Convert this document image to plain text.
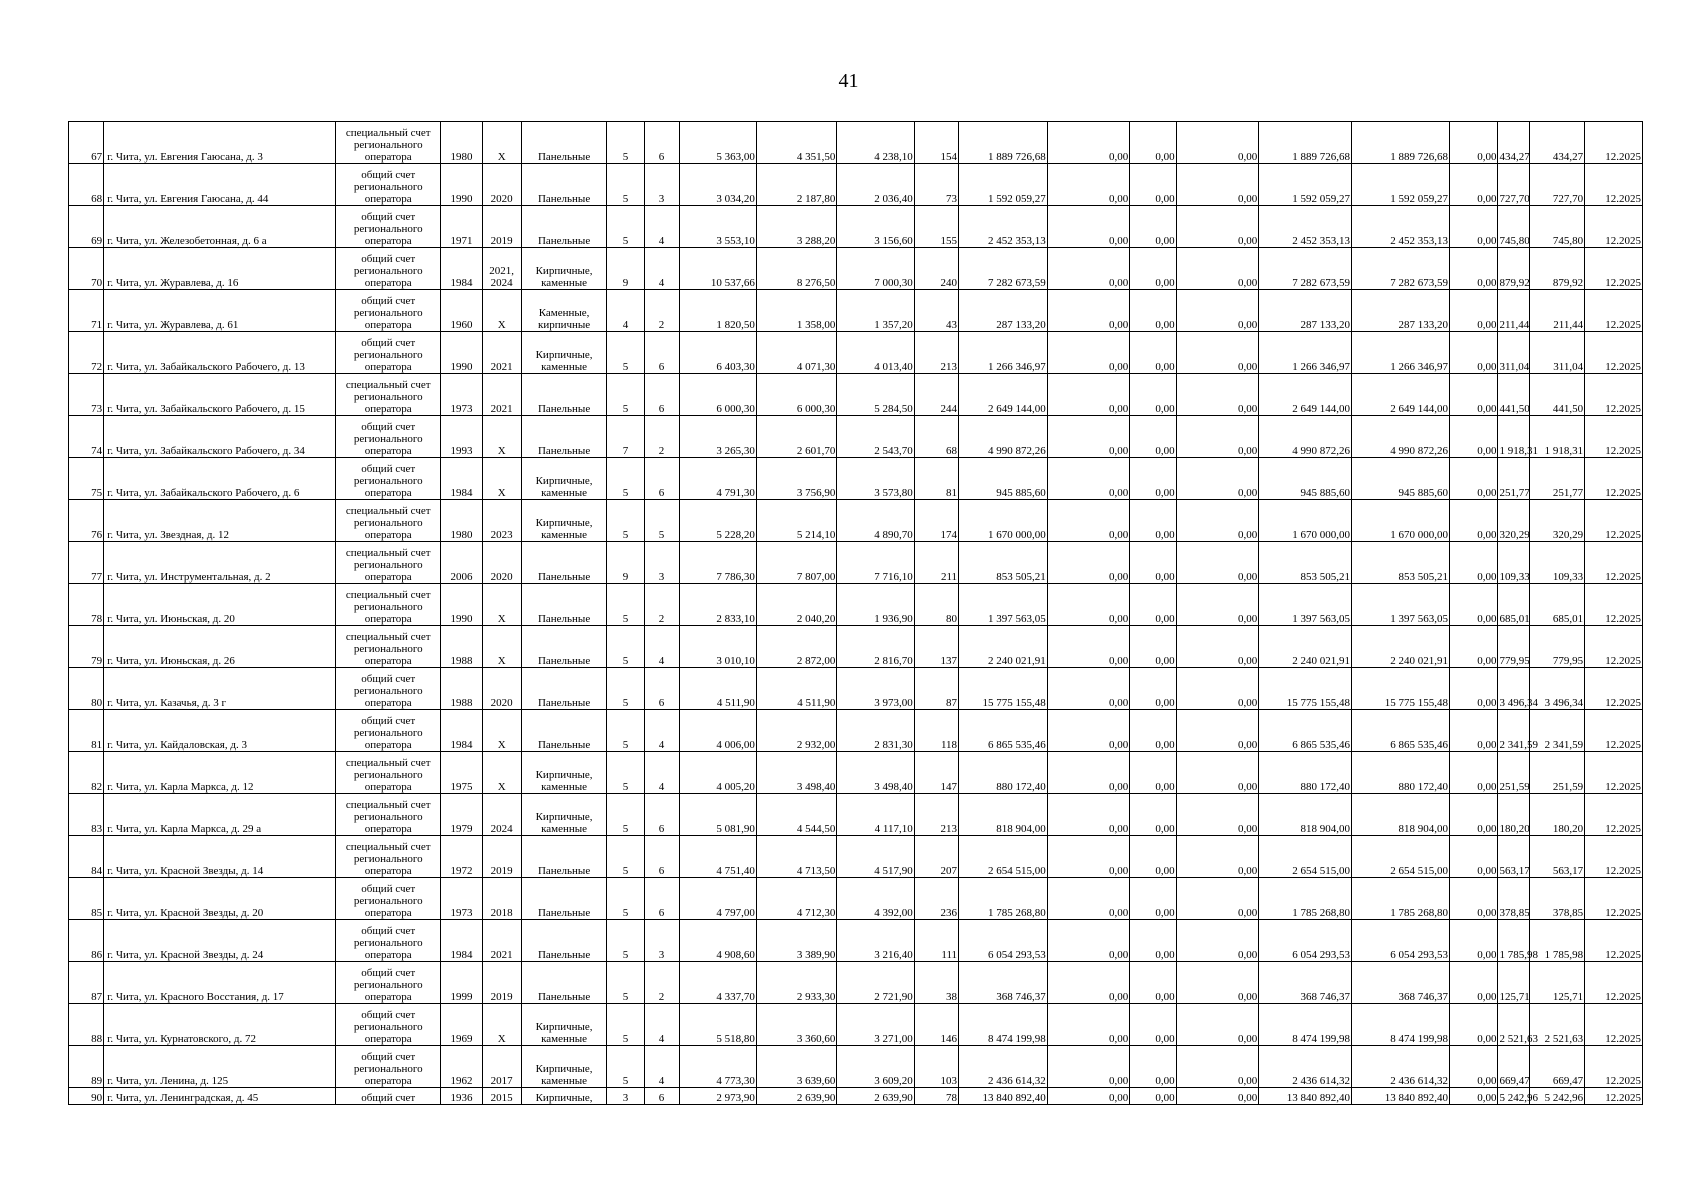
41
67	г. Чита, ул. Евгения Гаюсана, д. 3	специальный счет регионального оператора	1980	X	Панельные	5	6	5 363,00	4 351,50	4 238,10	154	1 889 726,68	0,00	0,00	0,00	1 889 726,68	1 889 726,68	0,00	434,27	434,27	12.2025
68	г. Чита, ул. Евгения Гаюсана, д. 44	общий счет регионального оператора	1990	2020	Панельные	5	3	3 034,20	2 187,80	2 036,40	73	1 592 059,27	0,00	0,00	0,00	1 592 059,27	1 592 059,27	0,00	727,70	727,70	12.2025
69	г. Чита, ул. Железобетонная, д. 6 а	общий счет регионального оператора	1971	2019	Панельные	5	4	3 553,10	3 288,20	3 156,60	155	2 452 353,13	0,00	0,00	0,00	2 452 353,13	2 452 353,13	0,00	745,80	745,80	12.2025
70	г. Чита, ул. Журавлева, д. 16	общий счет регионального оператора	1984	2021, 2024	Кирпичные, каменные	9	4	10 537,66	8 276,50	7 000,30	240	7 282 673,59	0,00	0,00	0,00	7 282 673,59	7 282 673,59	0,00	879,92	879,92	12.2025
71	г. Чита, ул. Журавлева, д. 61	общий счет регионального оператора	1960	X	Каменные, кирпичные	4	2	1 820,50	1 358,00	1 357,20	43	287 133,20	0,00	0,00	0,00	287 133,20	287 133,20	0,00	211,44	211,44	12.2025
72	г. Чита, ул. Забайкальского Рабочего, д. 13	общий счет регионального оператора	1990	2021	Кирпичные, каменные	5	6	6 403,30	4 071,30	4 013,40	213	1 266 346,97	0,00	0,00	0,00	1 266 346,97	1 266 346,97	0,00	311,04	311,04	12.2025
73	г. Чита, ул. Забайкальского Рабочего, д. 15	специальный счет регионального оператора	1973	2021	Панельные	5	6	6 000,30	6 000,30	5 284,50	244	2 649 144,00	0,00	0,00	0,00	2 649 144,00	2 649 144,00	0,00	441,50	441,50	12.2025
74	г. Чита, ул. Забайкальского Рабочего, д. 34	общий счет регионального оператора	1993	X	Панельные	7	2	3 265,30	2 601,70	2 543,70	68	4 990 872,26	0,00	0,00	0,00	4 990 872,26	4 990 872,26	0,00	1 918,31	1 918,31	12.2025
75	г. Чита, ул. Забайкальского Рабочего, д. 6	общий счет регионального оператора	1984	X	Кирпичные, каменные	5	6	4 791,30	3 756,90	3 573,80	81	945 885,60	0,00	0,00	0,00	945 885,60	945 885,60	0,00	251,77	251,77	12.2025
76	г. Чита, ул. Звездная, д. 12	специальный счет регионального оператора	1980	2023	Кирпичные, каменные	5	5	5 228,20	5 214,10	4 890,70	174	1 670 000,00	0,00	0,00	0,00	1 670 000,00	1 670 000,00	0,00	320,29	320,29	12.2025
77	г. Чита, ул. Инструментальная, д. 2	специальный счет регионального оператора	2006	2020	Панельные	9	3	7 786,30	7 807,00	7 716,10	211	853 505,21	0,00	0,00	0,00	853 505,21	853 505,21	0,00	109,33	109,33	12.2025
78	г. Чита, ул. Июньская, д. 20	специальный счет регионального оператора	1990	X	Панельные	5	2	2 833,10	2 040,20	1 936,90	80	1 397 563,05	0,00	0,00	0,00	1 397 563,05	1 397 563,05	0,00	685,01	685,01	12.2025
79	г. Чита, ул. Июньская, д. 26	специальный счет регионального оператора	1988	X	Панельные	5	4	3 010,10	2 872,00	2 816,70	137	2 240 021,91	0,00	0,00	0,00	2 240 021,91	2 240 021,91	0,00	779,95	779,95	12.2025
80	г. Чита, ул. Казачья, д. 3 г	общий счет регионального оператора	1988	2020	Панельные	5	6	4 511,90	4 511,90	3 973,00	87	15 775 155,48	0,00	0,00	0,00	15 775 155,48	15 775 155,48	0,00	3 496,34	3 496,34	12.2025
81	г. Чита, ул. Кайдаловская, д. 3	общий счет регионального оператора	1984	X	Панельные	5	4	4 006,00	2 932,00	2 831,30	118	6 865 535,46	0,00	0,00	0,00	6 865 535,46	6 865 535,46	0,00	2 341,59	2 341,59	12.2025
82	г. Чита, ул. Карла Маркса, д. 12	специальный счет регионального оператора	1975	X	Кирпичные, каменные	5	4	4 005,20	3 498,40	3 498,40	147	880 172,40	0,00	0,00	0,00	880 172,40	880 172,40	0,00	251,59	251,59	12.2025
83	г. Чита, ул. Карла Маркса, д. 29 а	специальный счет регионального оператора	1979	2024	Кирпичные, каменные	5	6	5 081,90	4 544,50	4 117,10	213	818 904,00	0,00	0,00	0,00	818 904,00	818 904,00	0,00	180,20	180,20	12.2025
84	г. Чита, ул. Красной Звезды, д. 14	специальный счет регионального оператора	1972	2019	Панельные	5	6	4 751,40	4 713,50	4 517,90	207	2 654 515,00	0,00	0,00	0,00	2 654 515,00	2 654 515,00	0,00	563,17	563,17	12.2025
85	г. Чита, ул. Красной Звезды, д. 20	общий счет регионального оператора	1973	2018	Панельные	5	6	4 797,00	4 712,30	4 392,00	236	1 785 268,80	0,00	0,00	0,00	1 785 268,80	1 785 268,80	0,00	378,85	378,85	12.2025
86	г. Чита, ул. Красной Звезды, д. 24	общий счет регионального оператора	1984	2021	Панельные	5	3	4 908,60	3 389,90	3 216,40	111	6 054 293,53	0,00	0,00	0,00	6 054 293,53	6 054 293,53	0,00	1 785,98	1 785,98	12.2025
87	г. Чита, ул. Красного Восстания, д. 17	общий счет регионального оператора	1999	2019	Панельные	5	2	4 337,70	2 933,30	2 721,90	38	368 746,37	0,00	0,00	0,00	368 746,37	368 746,37	0,00	125,71	125,71	12.2025
88	г. Чита, ул. Курнатовского, д. 72	общий счет регионального оператора	1969	X	Кирпичные, каменные	5	4	5 518,80	3 360,60	3 271,00	146	8 474 199,98	0,00	0,00	0,00	8 474 199,98	8 474 199,98	0,00	2 521,63	2 521,63	12.2025
89	г. Чита, ул. Ленина, д. 125	общий счет регионального оператора	1962	2017	Кирпичные, каменные	5	4	4 773,30	3 639,60	3 609,20	103	2 436 614,32	0,00	0,00	0,00	2 436 614,32	2 436 614,32	0,00	669,47	669,47	12.2025
90	г. Чита, ул. Ленинградская, д. 45	общий счет	1936	2015	Кирпичные,	3	6	2 973,90	2 639,90	2 639,90	78	13 840 892,40	0,00	0,00	0,00	13 840 892,40	13 840 892,40	0,00	5 242,96	5 242,96	12.2025
